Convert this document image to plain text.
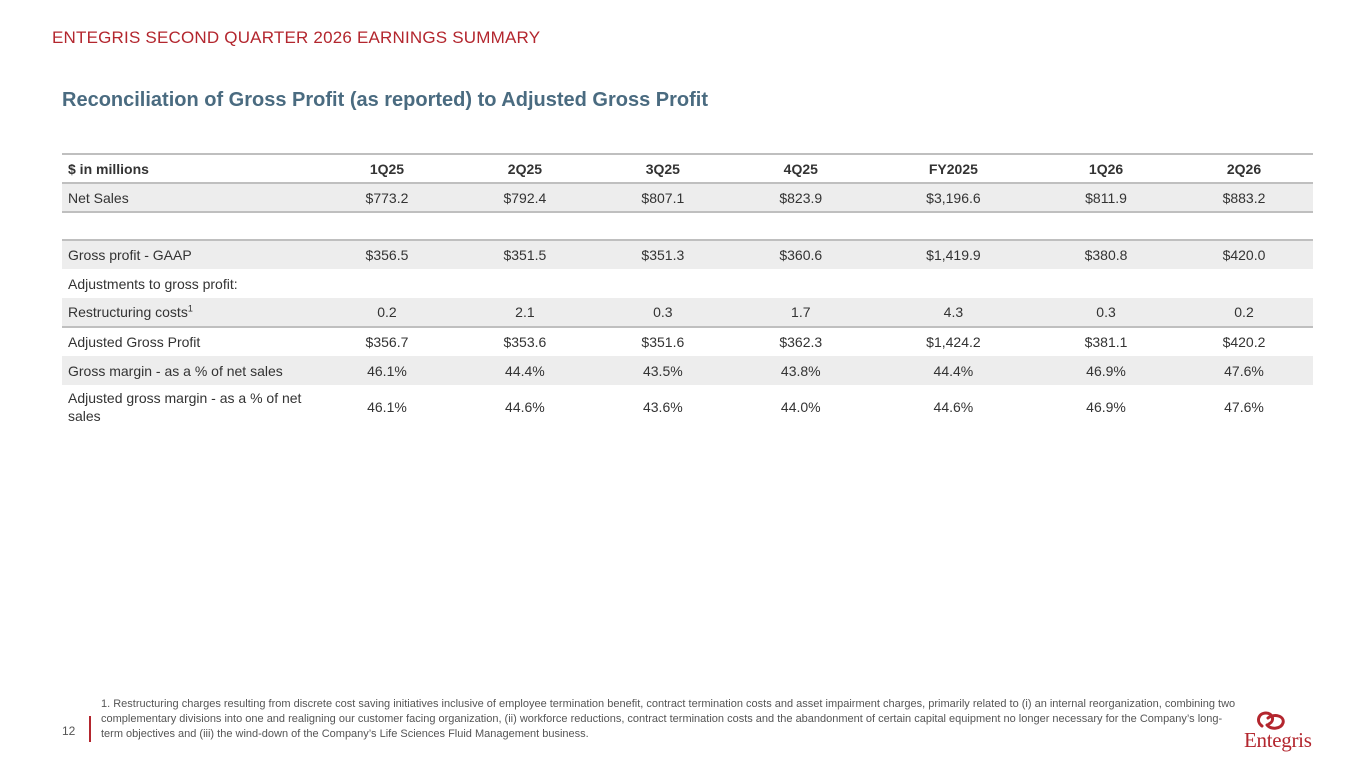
ENTEGRIS SECOND QUARTER 2026 EARNINGS SUMMARY
Reconciliation of Gross Profit (as reported) to Adjusted Gross Profit
$ in millions	1Q25	2Q25	3Q25	4Q25	FY2025	1Q26	2Q26
Net Sales	$773.2	$792.4	$807.1	$823.9	$3,196.6	$811.9	$883.2

Gross profit - GAAP	$356.5	$351.5	$351.3	$360.6	$1,419.9	$380.8	$420.0
Adjustments to gross profit:							
Restructuring costs$^1$	0.2	2.1	0.3	1.7	4.3	0.3	0.2
Adjusted Gross Profit	$356.7	$353.6	$351.6	$362.3	$1,424.2	$381.1	$420.2
Gross margin - as a % of net sales	46.1%	44.4%	43.5%	43.8%	44.4%	46.9%	47.6%
Adjusted gross margin - as a % of net sales	46.1%	44.6%	43.6%	44.0%	44.6%	46.9%	47.6%
1. Restructuring charges resulting from discrete cost saving initiatives inclusive of employee termination benefit, contract termination costs and asset impairment charges, primarily related to (i) an internal reorganization, combining two complementary divisions into one and realigning our customer facing organization, (ii) workforce reductions, contract termination costs and the abandonment of certain capital equipment no longer necessary for the Company’s long-term objectives and (iii) the wind-down of the Company’s Life Sciences Fluid Management business.
12	Entegris
